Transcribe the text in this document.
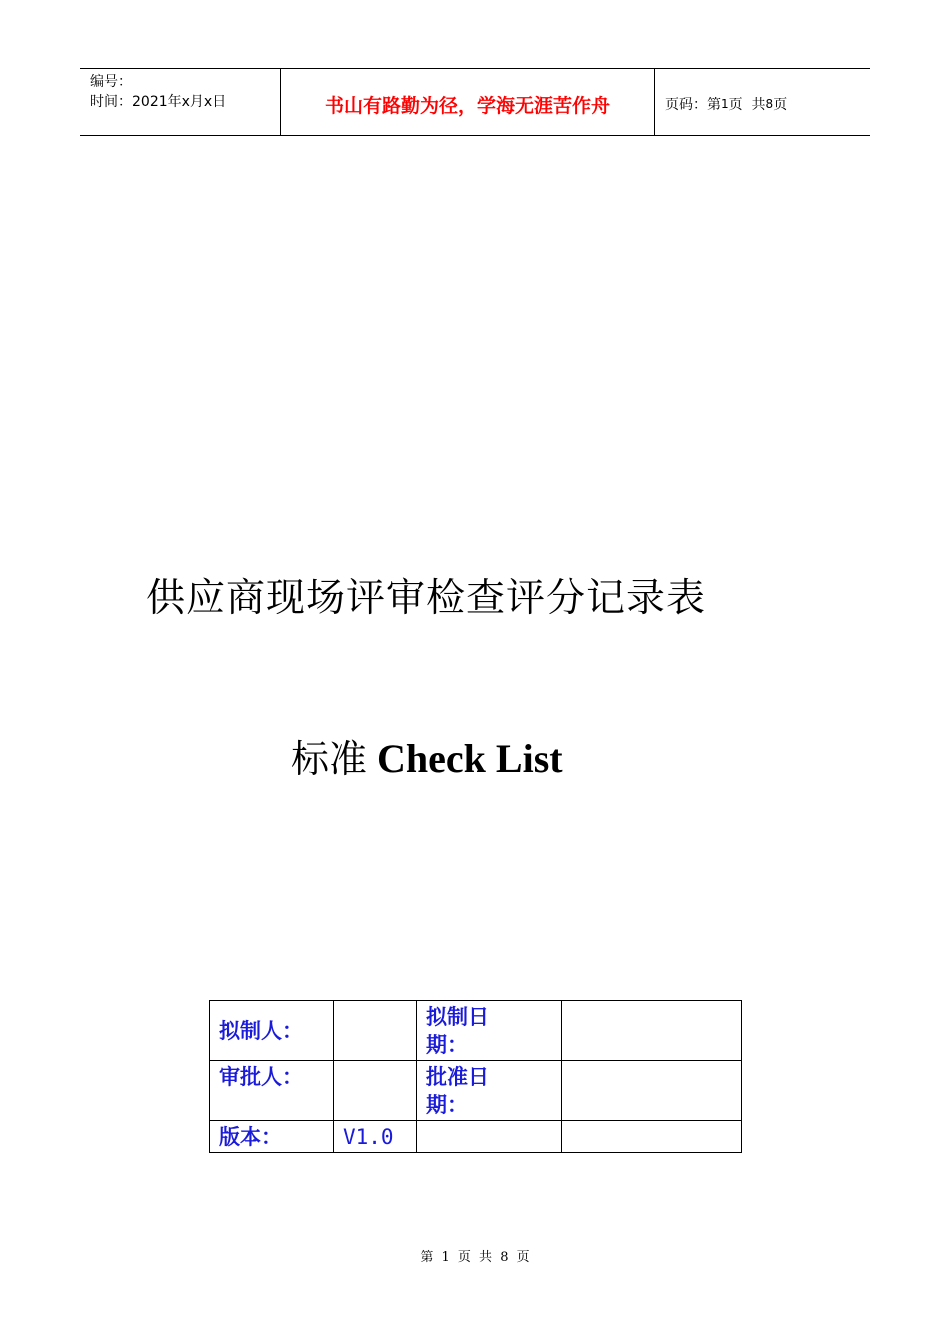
编号：
时间：2021年x月x日	书山有路勤为径，学海无涯苦作舟	页码：第 1 页  共 8 页
供应商现场评审检查评分记录表
标准 Check List
拟制人：		拟制日
期：	

审批人：		批准日
期：	

版本：	V1.0		
第 1 页 共 8 页
